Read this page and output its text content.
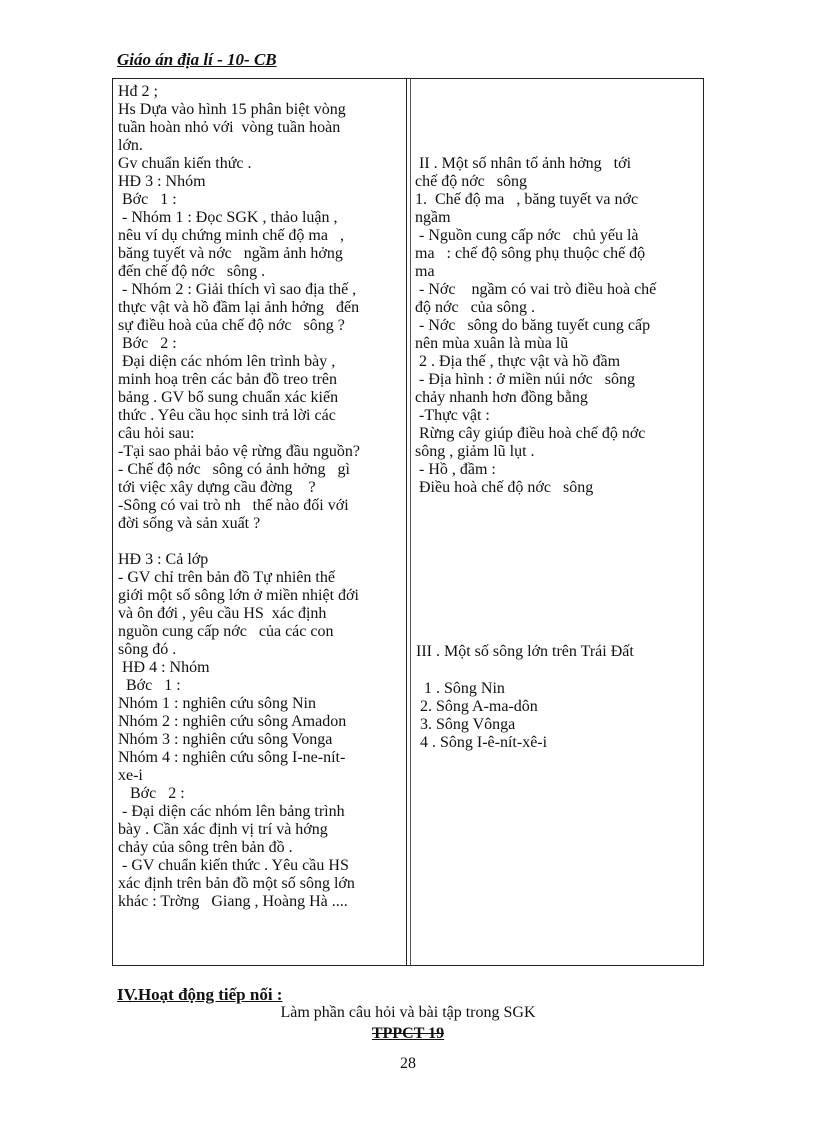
Giáo án địa lí - 10- CB
Hđ 2 ;
Hs Dựa vào hình 15 phân biệt vòng
tuần hoàn nhỏ với  vòng tuần hoàn
lớn.
Gv chuẩn kiến thức .
HĐ 3 : Nhóm
Bớc   1 :
- Nhóm 1 : Đọc SGK , thảo luận ,
nêu ví dụ chứng minh chế độ ma   ,
băng tuyết và nớc   ngầm ảnh hởng
đến chế độ nớc   sông .
- Nhóm 2 : Giải thích vì sao địa thế ,
thực vật và hồ đầm lại ảnh hởng   đến
sự điều hoà của chế độ nớc   sông ?
Bớc   2 :
Đại diện các nhóm lên trình bày ,
minh hoạ trên các bản đồ treo trên
bảng . GV bổ sung chuẩn xác kiến
thức . Yêu cầu học sinh trả lời các
câu hỏi sau:
-Tại sao phải bảo vệ rừng đầu nguồn?
- Chế độ nớc   sông có ảnh hởng   gì
tới việc xây dựng cầu đờng    ?
-Sông có vai trò nh   thế nào đối với
đời sống và sản xuất ?
HĐ 3 : Cả lớp
- GV chỉ trên bản đồ Tự nhiên thế
giới một số sông lớn ở miền nhiệt đới
và ôn đới , yêu cầu HS  xác định
nguồn cung cấp nớc   của các con
sông đó .
HĐ 4 : Nhóm
Bớc   1 :
Nhóm 1 : nghiên cứu sông Nin
Nhóm 2 : nghiên cứu sông Amadon
Nhóm 3 : nghiên cứu sông Vonga
Nhóm 4 : nghiên cứu sông I-ne-nít-
xe-i
Bớc   2 :
- Đại diện các nhóm lên bảng trình
bày . Cần xác định vị trí và hớng
chảy của sông trên bản đồ .
- GV chuẩn kiến thức . Yêu cầu HS
xác định trên bản đồ một số sông lớn
khác : Trờng   Giang , Hoàng Hà ....
II . Một số nhân tố ảnh hởng   tới
chế độ nớc   sông
1.  Chế độ ma   , băng tuyết va nớc
ngầm
- Nguồn cung cấp nớc   chủ yếu là
ma   : chế độ sông phụ thuộc chế độ
ma
- Nớc    ngầm có vai trò điều hoà chế
độ nớc   của sông .
- Nớc   sông do băng tuyết cung cấp
nên mùa xuân là mùa lũ
2 . Địa thế , thực vật và hồ đầm
- Địa hình : ở miền núi nớc   sông
chảy nhanh hơn đồng bằng
-Thực vật :
Rừng cây giúp điều hoà chế độ nớc
sông , giảm lũ lụt .
- Hồ , đầm :
Điều hoà chế độ nớc   sông
III . Một số sông lớn trên Trái Đất
1 . Sông Nin
2. Sông A-ma-dôn
3. Sông Vônga
4 . Sông I-ê-nít-xê-i
IV.Hoạt động tiếp nối :
Làm phần câu hỏi và bài tập trong SGK
TPPCT 19
28
